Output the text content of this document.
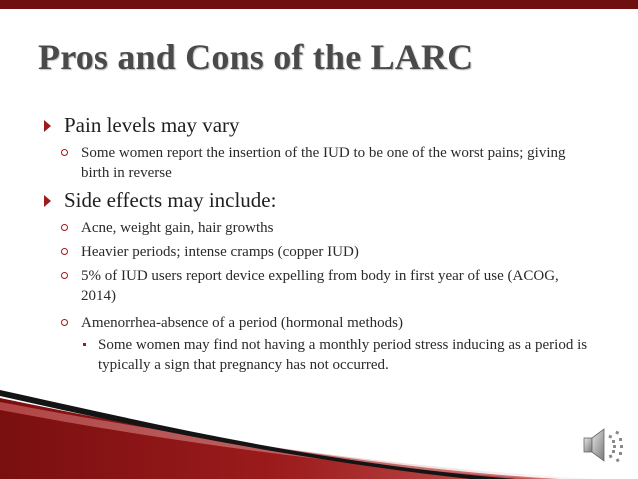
Pros and Cons of the LARC
Pain levels may vary
Some women report the insertion of the IUD to be one of the worst pains; giving birth in reverse
Side effects may include:
Acne, weight gain, hair growths
Heavier periods; intense cramps (copper IUD)
5% of IUD users report device expelling from body in first year of use (ACOG, 2014)
Amenorrhea-absence of a period (hormonal methods)
Some women may find not having a monthly period stress inducing as a period is typically a sign that pregnancy has not occurred.
